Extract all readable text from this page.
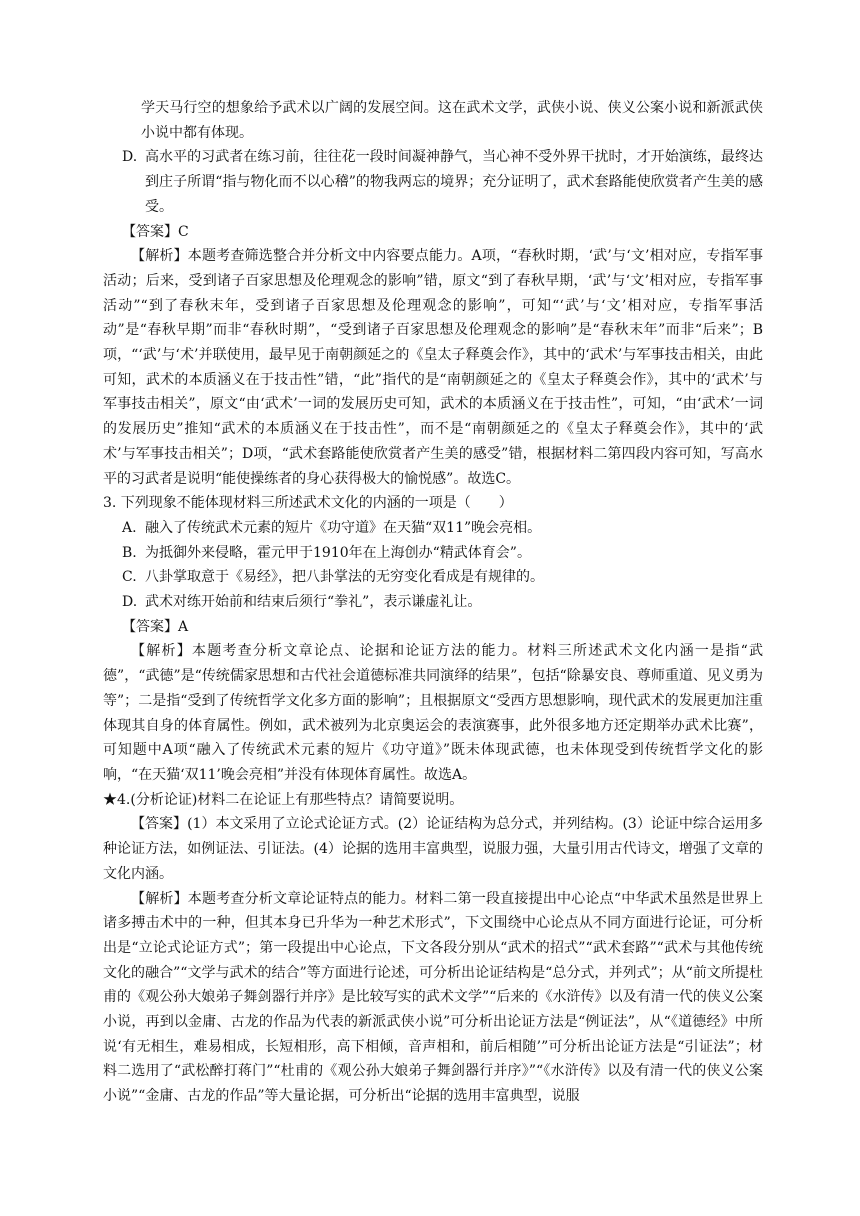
学天马行空的想象给予武术以广阔的发展空间。这在武术文学，武侠小说、侠义公案小说和新派武侠小说中都有体现。

D. 高水平的习武者在练习前，往往花一段时间凝神静气，当心神不受外界干扰时，才开始演练，最终达到庄子所谓“指与物化而不以心稽”的物我两忘的境界；充分证明了，武术套路能使欣赏者产生美的感受。

【答案】C

【解析】本题考查筛选整合并分析文中内容要点能力。A项，“春秋时期，‘武’与‘文’相对应，专指军事活动；后来，受到诸子百家思想及伦理观念的影响”错，原文“到了春秋早期，‘武’与‘文’相对应，专指军事活动”“到了春秋末年，受到诸子百家思想及伦理观念的影响”，可知“‘武’与‘文’相对应，专指军事活动”是“春秋早期”而非“春秋时期”，“受到诸子百家思想及伦理观念的影响”是“春秋末年”而非“后来”；B项，“‘武’与‘术’并联使用，最早见于南朝颜延之的《皇太子释奠会作》，其中的‘武术’与军事技击相关，由此可知，武术的本质涵义在于技击性”错，“此”指代的是“南朝颜延之的《皇太子释奠会作》，其中的‘武术’与军事技击相关”，原文“由‘武术’一词的发展历史可知，武术的本质涵义在于技击性”，可知，“由‘武术’一词的发展历史”推知“武术的本质涵义在于技击性”，而不是“南朝颜延之的《皇太子释奠会作》，其中的‘武术’与军事技击相关”；D项，“武术套路能使欣赏者产生美的感受”错，根据材料二第四段内容可知，写高水平的习武者是说明“能使操练者的身心获得极大的愉悦感”。故选C。

3. 下列现象不能体现材料三所述武术文化的内涵的一项是（　　）

A. 融入了传统武术元素的短片《功守道》在天猫“双11”晚会亮相。

B. 为抵御外来侵略，霍元甲于1910年在上海创办“精武体育会”。

C. 八卦掌取意于《易经》，把八卦掌法的无穷变化看成是有规律的。

D. 武术对练开始前和结束后须行“拳礼”，表示谦虚礼让。

【答案】A

【解析】本题考查分析文章论点、论据和论证方法的能力。材料三所述武术文化内涵一是指“武德”，“武德”是“传统儒家思想和古代社会道德标准共同演绎的结果”，包括“除暴安良、尊师重道、见义勇为等”；二是指“受到了传统哲学文化多方面的影响”；且根据原文“受西方思想影响，现代武术的发展更加注重体现其自身的体育属性。例如，武术被列为北京奥运会的表演赛事，此外很多地方还定期举办武术比赛”，可知题中A项“融入了传统武术元素的短片《功守道》”既未体现武德，也未体现受到传统哲学文化的影响，“在天猫‘双11’晚会亮相”并没有体现体育属性。故选A。

★4.(分析论证)材料二在论证上有那些特点？请简要说明。

【答案】(1）本文采用了立论式论证方式。(2）论证结构为总分式，并列结构。(3）论证中综合运用多种论证方法，如例证法、引证法。(4）论据的选用丰富典型，说服力强，大量引用古代诗文，增强了文章的文化内涵。

【解析】本题考查分析文章论证特点的能力。材料二第一段直接提出中心论点“中华武术虽然是世界上诸多搏击术中的一种，但其本身已升华为一种艺术形式”，下文围绕中心论点从不同方面进行论证，可分析出是“立论式论证方式”；第一段提出中心论点，下文各段分别从“武术的招式”“武术套路”“武术与其他传统文化的融合”“文学与武术的结合”等方面进行论述，可分析出论证结构是“总分式，并列式”；从“前文所提杜甫的《观公孙大娘弟子舞剑器行并序》是比较写实的武术文学”“后来的《水浒传》以及有清一代的侠义公案小说，再到以金庸、古龙的作品为代表的新派武侠小说”可分析出论证方法是“例证法”，从“《道德经》中所说‘有无相生，难易相成，长短相形，高下相倾，音声相和，前后相随’”可分析出论证方法是“引证法”；材料二选用了“武松醉打蒋门”“杜甫的《观公孙大娘弟子舞剑器行并序》”“《水浒传》以及有清一代的侠义公案小说”“金庸、古龙的作品”等大量论据，可分析出“论据的选用丰富典型，说服
